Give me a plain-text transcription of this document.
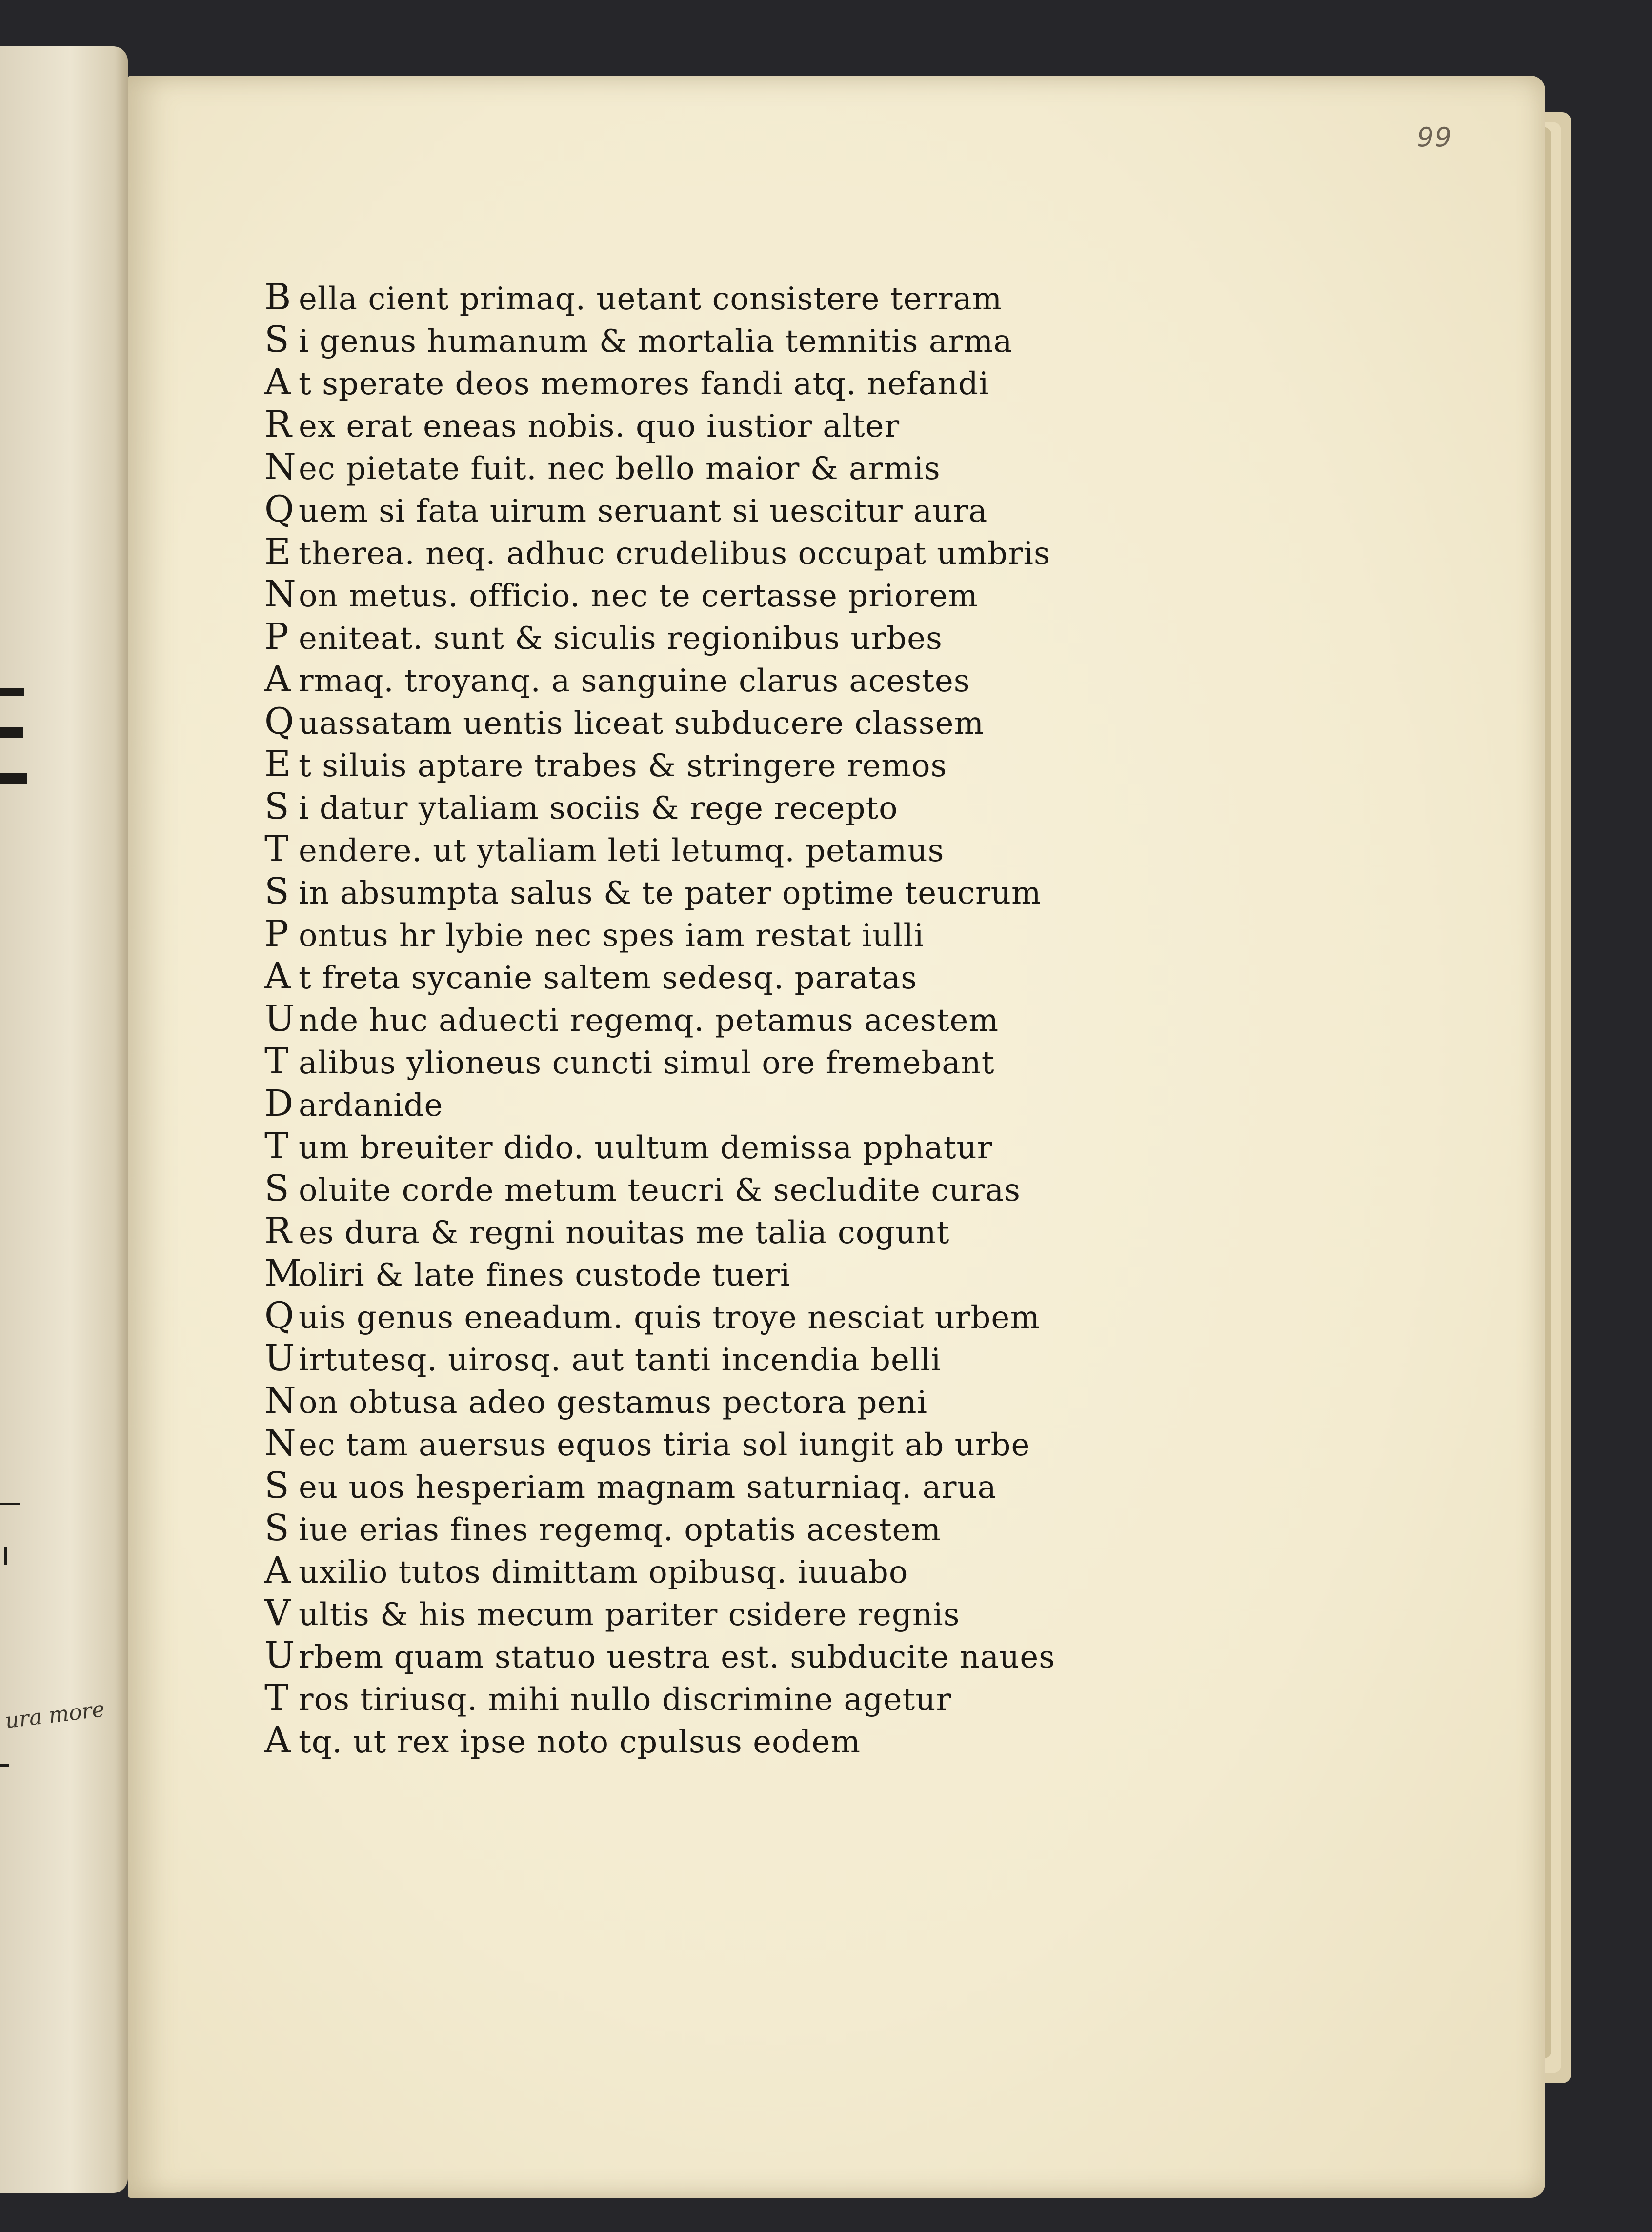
ura more
99
B ella cient primaq. uetant consistere terram
S i genus humanum & mortalia temnitis arma
A t sperate deos memores fandi atq. nefandi
R ex erat eneas nobis. quo iustior alter
N ec pietate fuit. nec bello maior & armis
Q uem si fata uirum seruant si uescitur aura
E therea. neq. adhuc crudelibus occupat umbris
N on metus. officio. nec te certasse priorem
P eniteat. sunt & siculis regionibus urbes
A rmaq. troyanq. a sanguine clarus acestes
Q uassatam uentis liceat subducere classem
E t siluis aptare trabes & stringere remos
S i datur ytaliam sociis & rege recepto
T endere. ut ytaliam leti letumq. petamus
S in absumpta salus & te pater optime teucrum
P ontus hr lybie nec spes iam restat iulli
A t freta sycanie saltem sedesq. paratas
U nde huc aduecti regemq. petamus acestem
T alibus ylioneus cuncti simul ore fremebant
D ardanide
T um breuiter dido. uultum demissa pphatur
S oluite corde metum teucri & secludite curas
R es dura & regni nouitas me talia cogunt
M
oliri & late fines custode tueri
Q uis genus eneadum. quis troye nesciat urbem
U irtutesq. uirosq. aut tanti incendia belli
N on obtusa adeo gestamus pectora peni
N ec tam auersus equos tiria sol iungit ab urbe
S eu uos hesperiam magnam saturniaq. arua
S iue erias fines regemq. optatis acestem
A uxilio tutos dimittam opibusq. iuuabo
V ultis & his mecum pariter csidere regnis
U rbem quam statuo uestra est. subducite naues
T ros tiriusq. mihi nullo discrimine agetur
A tq. ut rex ipse noto cpulsus eodem
